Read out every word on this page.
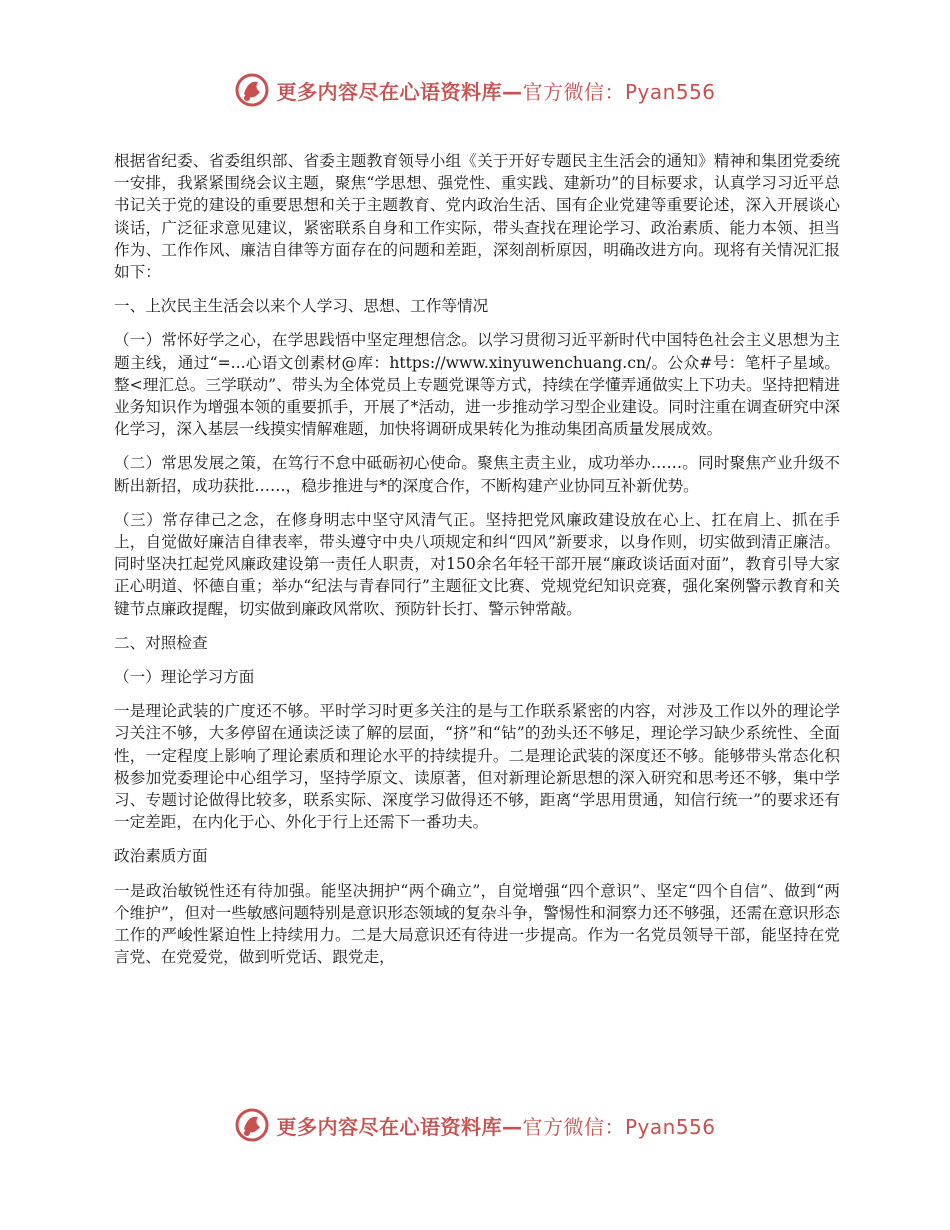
更多内容尽在心语资料库—官方微信：Pyan556

根据省纪委、省委组织部、省委主题教育领导小组《关于开好专题民主生活会的通知》精神和集团党委统一安排，我紧紧围绕会议主题，聚焦“学思想、强党性、重实践、建新功”的目标要求，认真学习习近平总书记关于党的建设的重要思想和关于主题教育、党内政治生活、国有企业党建等重要论述，深入开展谈心谈话，广泛征求意见建议，紧密联系自身和工作实际，带头查找在理论学习、政治素质、能力本领、担当作为、工作作风、廉洁自律等方面存在的问题和差距，深刻剖析原因，明确改进方向。现将有关情况汇报如下：

一、上次民主生活会以来个人学习、思想、工作等情况

（一）常怀好学之心，在学思践悟中坚定理想信念。以学习贯彻习近平新时代中国特色社会主义思想为主题主线，通过“=...心语文创素材@库：https://www.xinyuwenchuang.cn/。公众#号：笔杆子星域。整<理汇总。三学联动”、带头为全体党员上专题党课等方式，持续在学懂弄通做实上下功夫。坚持把精进业务知识作为增强本领的重要抓手，开展了*活动，进一步推动学习型企业建设。同时注重在调查研究中深化学习，深入基层一线摸实情解难题，加快将调研成果转化为推动集团高质量发展成效。

（二）常思发展之策，在笃行不怠中砥砺初心使命。聚焦主责主业，成功举办……。同时聚焦产业升级不断出新招，成功获批……，稳步推进与*的深度合作，不断构建产业协同互补新优势。

（三）常存律己之念，在修身明志中坚守风清气正。坚持把党风廉政建设放在心上、扛在肩上、抓在手上，自觉做好廉洁自律表率，带头遵守中央八项规定和纠“四风”新要求，以身作则，切实做到清正廉洁。同时坚决扛起党风廉政建设第一责任人职责，对150余名年轻干部开展“廉政谈话面对面”，教育引导大家正心明道、怀德自重；举办“纪法与青春同行”主题征文比赛、党规党纪知识竞赛，强化案例警示教育和关键节点廉政提醒，切实做到廉政风常吹、预防针长打、警示钟常敲。

二、对照检查

（一）理论学习方面

一是理论武装的广度还不够。平时学习时更多关注的是与工作联系紧密的内容，对涉及工作以外的理论学习关注不够，大多停留在通读泛读了解的层面，“挤”和“钻”的劲头还不够足，理论学习缺少系统性、全面性，一定程度上影响了理论素质和理论水平的持续提升。二是理论武装的深度还不够。能够带头常态化积极参加党委理论中心组学习，坚持学原文、读原著，但对新理论新思想的深入研究和思考还不够，集中学习、专题讨论做得比较多，联系实际、深度学习做得还不够，距离“学思用贯通，知信行统一”的要求还有一定差距，在内化于心、外化于行上还需下一番功夫。

政治素质方面

一是政治敏锐性还有待加强。能坚决拥护“两个确立”，自觉增强“四个意识”、坚定“四个自信”、做到“两个维护”，但对一些敏感问题特别是意识形态领域的复杂斗争，警惕性和洞察力还不够强，还需在意识形态工作的严峻性紧迫性上持续用力。二是大局意识还有待进一步提高。作为一名党员领导干部，能坚持在党言党、在党爱党，做到听党话、跟党走，

更多内容尽在心语资料库—官方微信：Pyan556
